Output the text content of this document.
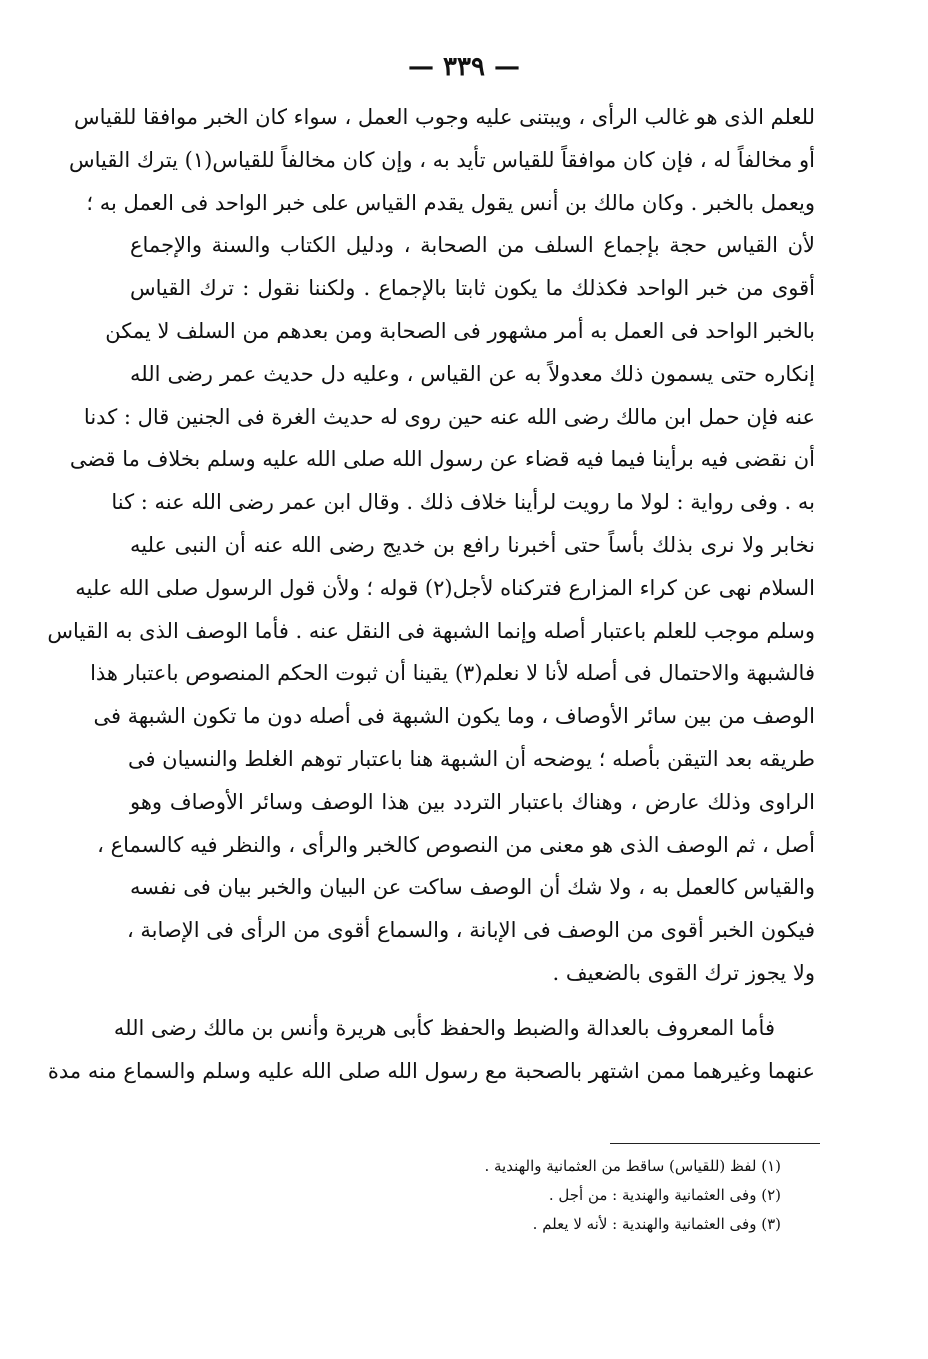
— ٣٣٩ —
للعلم الذى هو غالب الرأى ، ويبتنى عليه وجوب العمل ، سواء كان الخبر موافقا للقياس
أو مخالفاً له ، فإن كان موافقاً للقياس تأيد به ، وإن كان مخالفاً للقياس(١) يترك القياس
ويعمل بالخبر . وكان مالك بن أنس يقول يقدم القياس على خبر الواحد فى العمل به ؛
لأن القياس حجة بإجماع السلف من الصحابة ، ودليل الكتاب والسنة والإجماع
أقوى من خبر الواحد فكذلك ما يكون ثابتا بالإجماع . ولكننا نقول : ترك القياس
بالخبر الواحد فى العمل به أمر مشهور فى الصحابة ومن بعدهم من السلف لا يمكن
إنكاره حتى يسمون ذلك معدولاً به عن القياس ، وعليه دل حديث عمر رضى الله
عنه فإن حمل ابن مالك رضى الله عنه حين روى له حديث الغرة فى الجنين قال : كدنا
أن نقضى فيه برأينا فيما فيه قضاء عن رسول الله صلى الله عليه وسلم بخلاف ما قضى
به . وفى رواية : لولا ما رويت لرأينا خلاف ذلك . وقال ابن عمر رضى الله عنه : كنا
نخابر ولا نرى بذلك بأساً حتى أخبرنا رافع بن خديج رضى الله عنه أن النبى عليه
السلام نهى عن كراء المزارع فتركناه لأجل(٢) قوله ؛ ولأن قول الرسول صلى الله عليه
وسلم موجب للعلم باعتبار أصله وإنما الشبهة فى النقل عنه . فأما الوصف الذى به القياس
فالشبهة والاحتمال فى أصله لأنا لا نعلم(٣) يقينا أن ثبوت الحكم المنصوص باعتبار هذا
الوصف من بين سائر الأوصاف ، وما يكون الشبهة فى أصله دون ما تكون الشبهة فى
طريقه بعد التيقن بأصله ؛ يوضحه أن الشبهة هنا باعتبار توهم الغلط والنسيان فى
الراوى وذلك عارض ، وهناك باعتبار التردد بين هذا الوصف وسائر الأوصاف وهو
أصل ، ثم الوصف الذى هو معنى من النصوص كالخبر والرأى ، والنظر فيه كالسماع ،
والقياس كالعمل به ، ولا شك أن الوصف ساكت عن البيان والخبر بيان فى نفسه
فيكون الخبر أقوى من الوصف فى الإبانة ، والسماع أقوى من الرأى فى الإصابة ،
ولا يجوز ترك القوى بالضعيف .
فأما المعروف بالعدالة والضبط والحفظ كأبى هريرة وأنس بن مالك رضى الله
عنهما وغيرهما ممن اشتهر بالصحبة مع رسول الله صلى الله عليه وسلم والسماع منه مدة
(١) لفظ (للقياس) ساقط من العثمانية والهندية .
(٢) وفى العثمانية والهندية : من أجل .
(٣) وفى العثمانية والهندية : لأنه لا يعلم .
